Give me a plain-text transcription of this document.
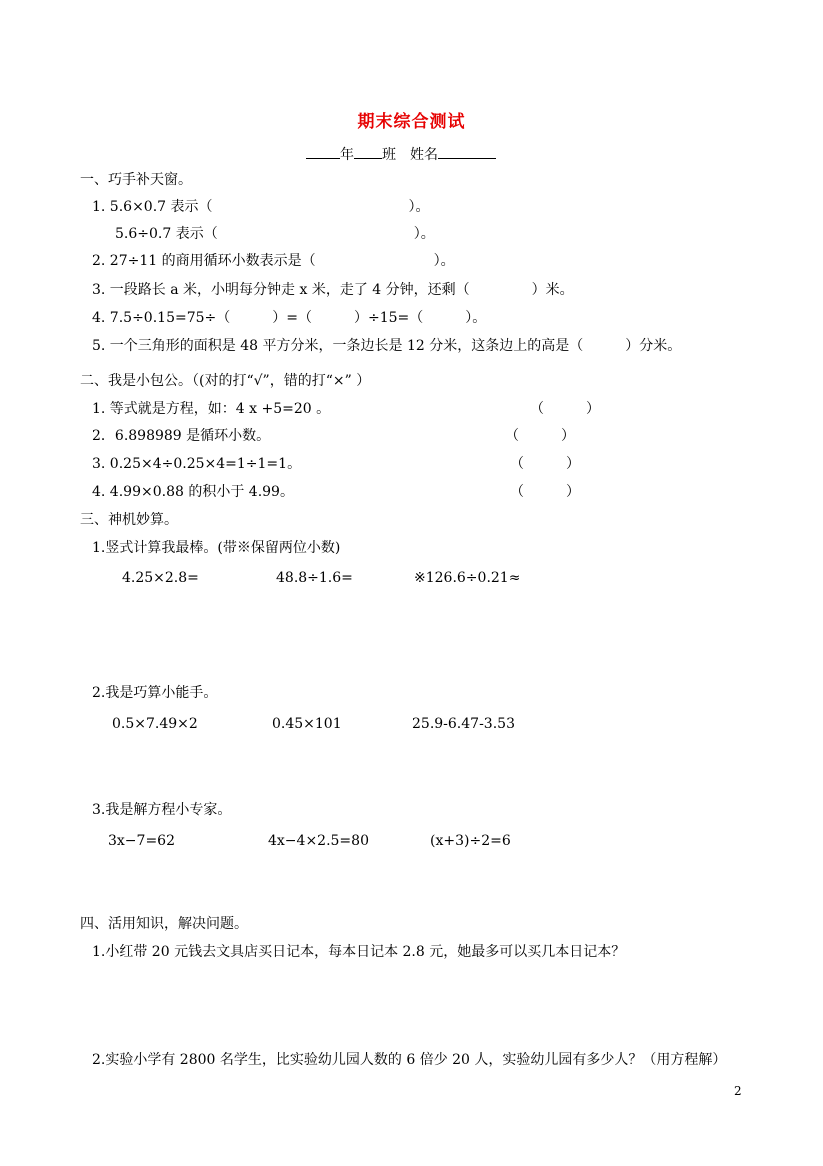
期末综合测试
年 班 姓名
一、巧手补天窗。
1. 5.6×0.7 表示（	）。
5.6÷0.7 表示（	）。
2. 27÷11 的商用循环小数表示是（	）。
3. 一段路长 a 米，小明每分钟走 x 米，走了 4 分钟，还剩（	）米。
4. 7.5÷0.15=75÷（　　　）=（　　　）÷15=（　　　）。
5. 一个三角形的面积是 48 平方分米，一条边长是 12 分米，这条边上的高是（	）分米。
二、我是小包公。（(对的打“√”，错的打“×” ）
1. 等式就是方程，如：4 x +5=20 。	（　　　）
2．6.898989 是循环小数。	（　　　）
3. 0.25×4÷0.25×4=1÷1=1。	（　　　）
4. 4.99×0.88 的积小于 4.99。	（　　　）
三、神机妙算。
1.竖式计算我最棒。(带※保留两位小数)
4.25×2.8=	48.8÷1.6=	※126.6÷0.21≈
2.我是巧算小能手。
0.5×7.49×2	0.45×101	25.9-6.47-3.53
3.我是解方程小专家。
3x−7=62	4x−4×2.5=80	(x+3)÷2=6
四、活用知识，解决问题。
1.小红带 20 元钱去文具店买日记本，每本日记本 2.8 元，她最多可以买几本日记本？
2.实验小学有 2800 名学生，比实验幼儿园人数的 6 倍少 20 人，实验幼儿园有多少人？（用方程解）
2
